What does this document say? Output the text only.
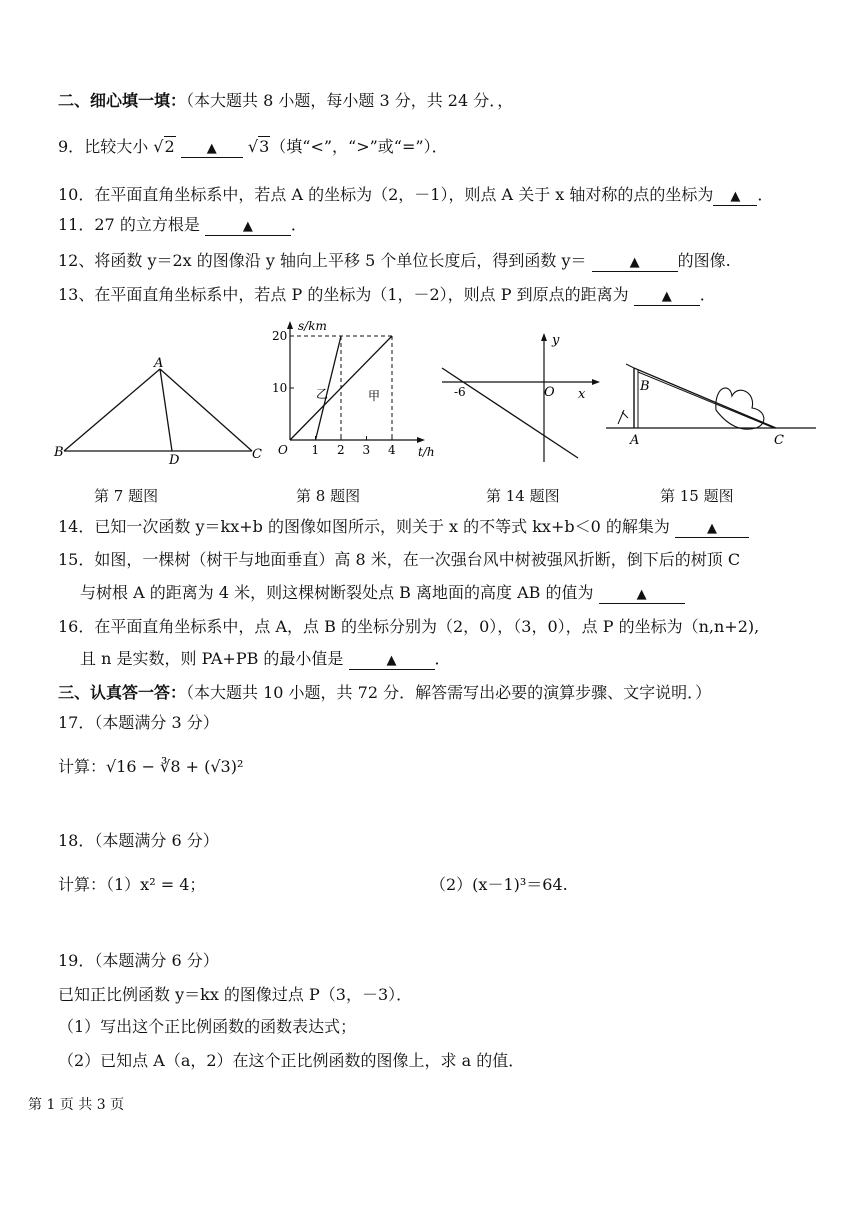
二、细心填一填：（本大题共 8 小题，每小题 3 分，共 24 分．，
9．比较大小 √2 ▲ √3（填“<”，“>”或“=”）．
10．在平面直角坐标系中，若点 A 的坐标为（2，－1），则点 A 关于 x 轴对称的点的坐标为 ▲ ．
11．27 的立方根是	▲ ．
12、将函数 y＝2x 的图像沿 y 轴向上平移 5 个单位长度后，得到函数 y＝	▲ 的图像.
13、在平面直角坐标系中，若点 P 的坐标为（1，－2），则点 P 到原点的距离为	▲ ．
A
B	C
D
第 7 题图
s/km
t/h
O 1 2 3 4
10
20
乙	甲
第 8 题图
y
x
O
-6
第 14 题图
B
A	C
第 15 题图
14．已知一次函数 y＝kx+b 的图像如图所示，则关于 x 的不等式 kx+b＜0 的解集为	▲
15．如图，一棵树（树干与地面垂直）高 8 米，在一次强台风中树被强风折断，倒下后的树顶 C
与树根 A 的距离为 4 米，则这棵树断裂处点 B 离地面的高度 AB 的值为	▲
16．在平面直角坐标系中，点 A，点 B 的坐标分别为（2，0），（3，0），点 P 的坐标为（n,n+2),
且 n 是实数，则 PA+PB 的最小值是	▲ ．
三、认真答一答：（本大题共 10 小题，共 72 分．解答需写出必要的演算步骤、文字说明．）
17．（本题满分 3 分）
计算：√16 − ∛8 + (√3)²
18．（本题满分 6 分）
计算：（1）x² = 4；	（2）(x－1)³＝64.
19．（本题满分 6 分）
已知正比例函数 y＝kx 的图像过点 P（3，－3）．
（1）写出这个正比例函数的函数表达式；
（2）已知点 A（a，2）在这个正比例函数的图像上，求 a 的值．
第 1 页 共 3 页
